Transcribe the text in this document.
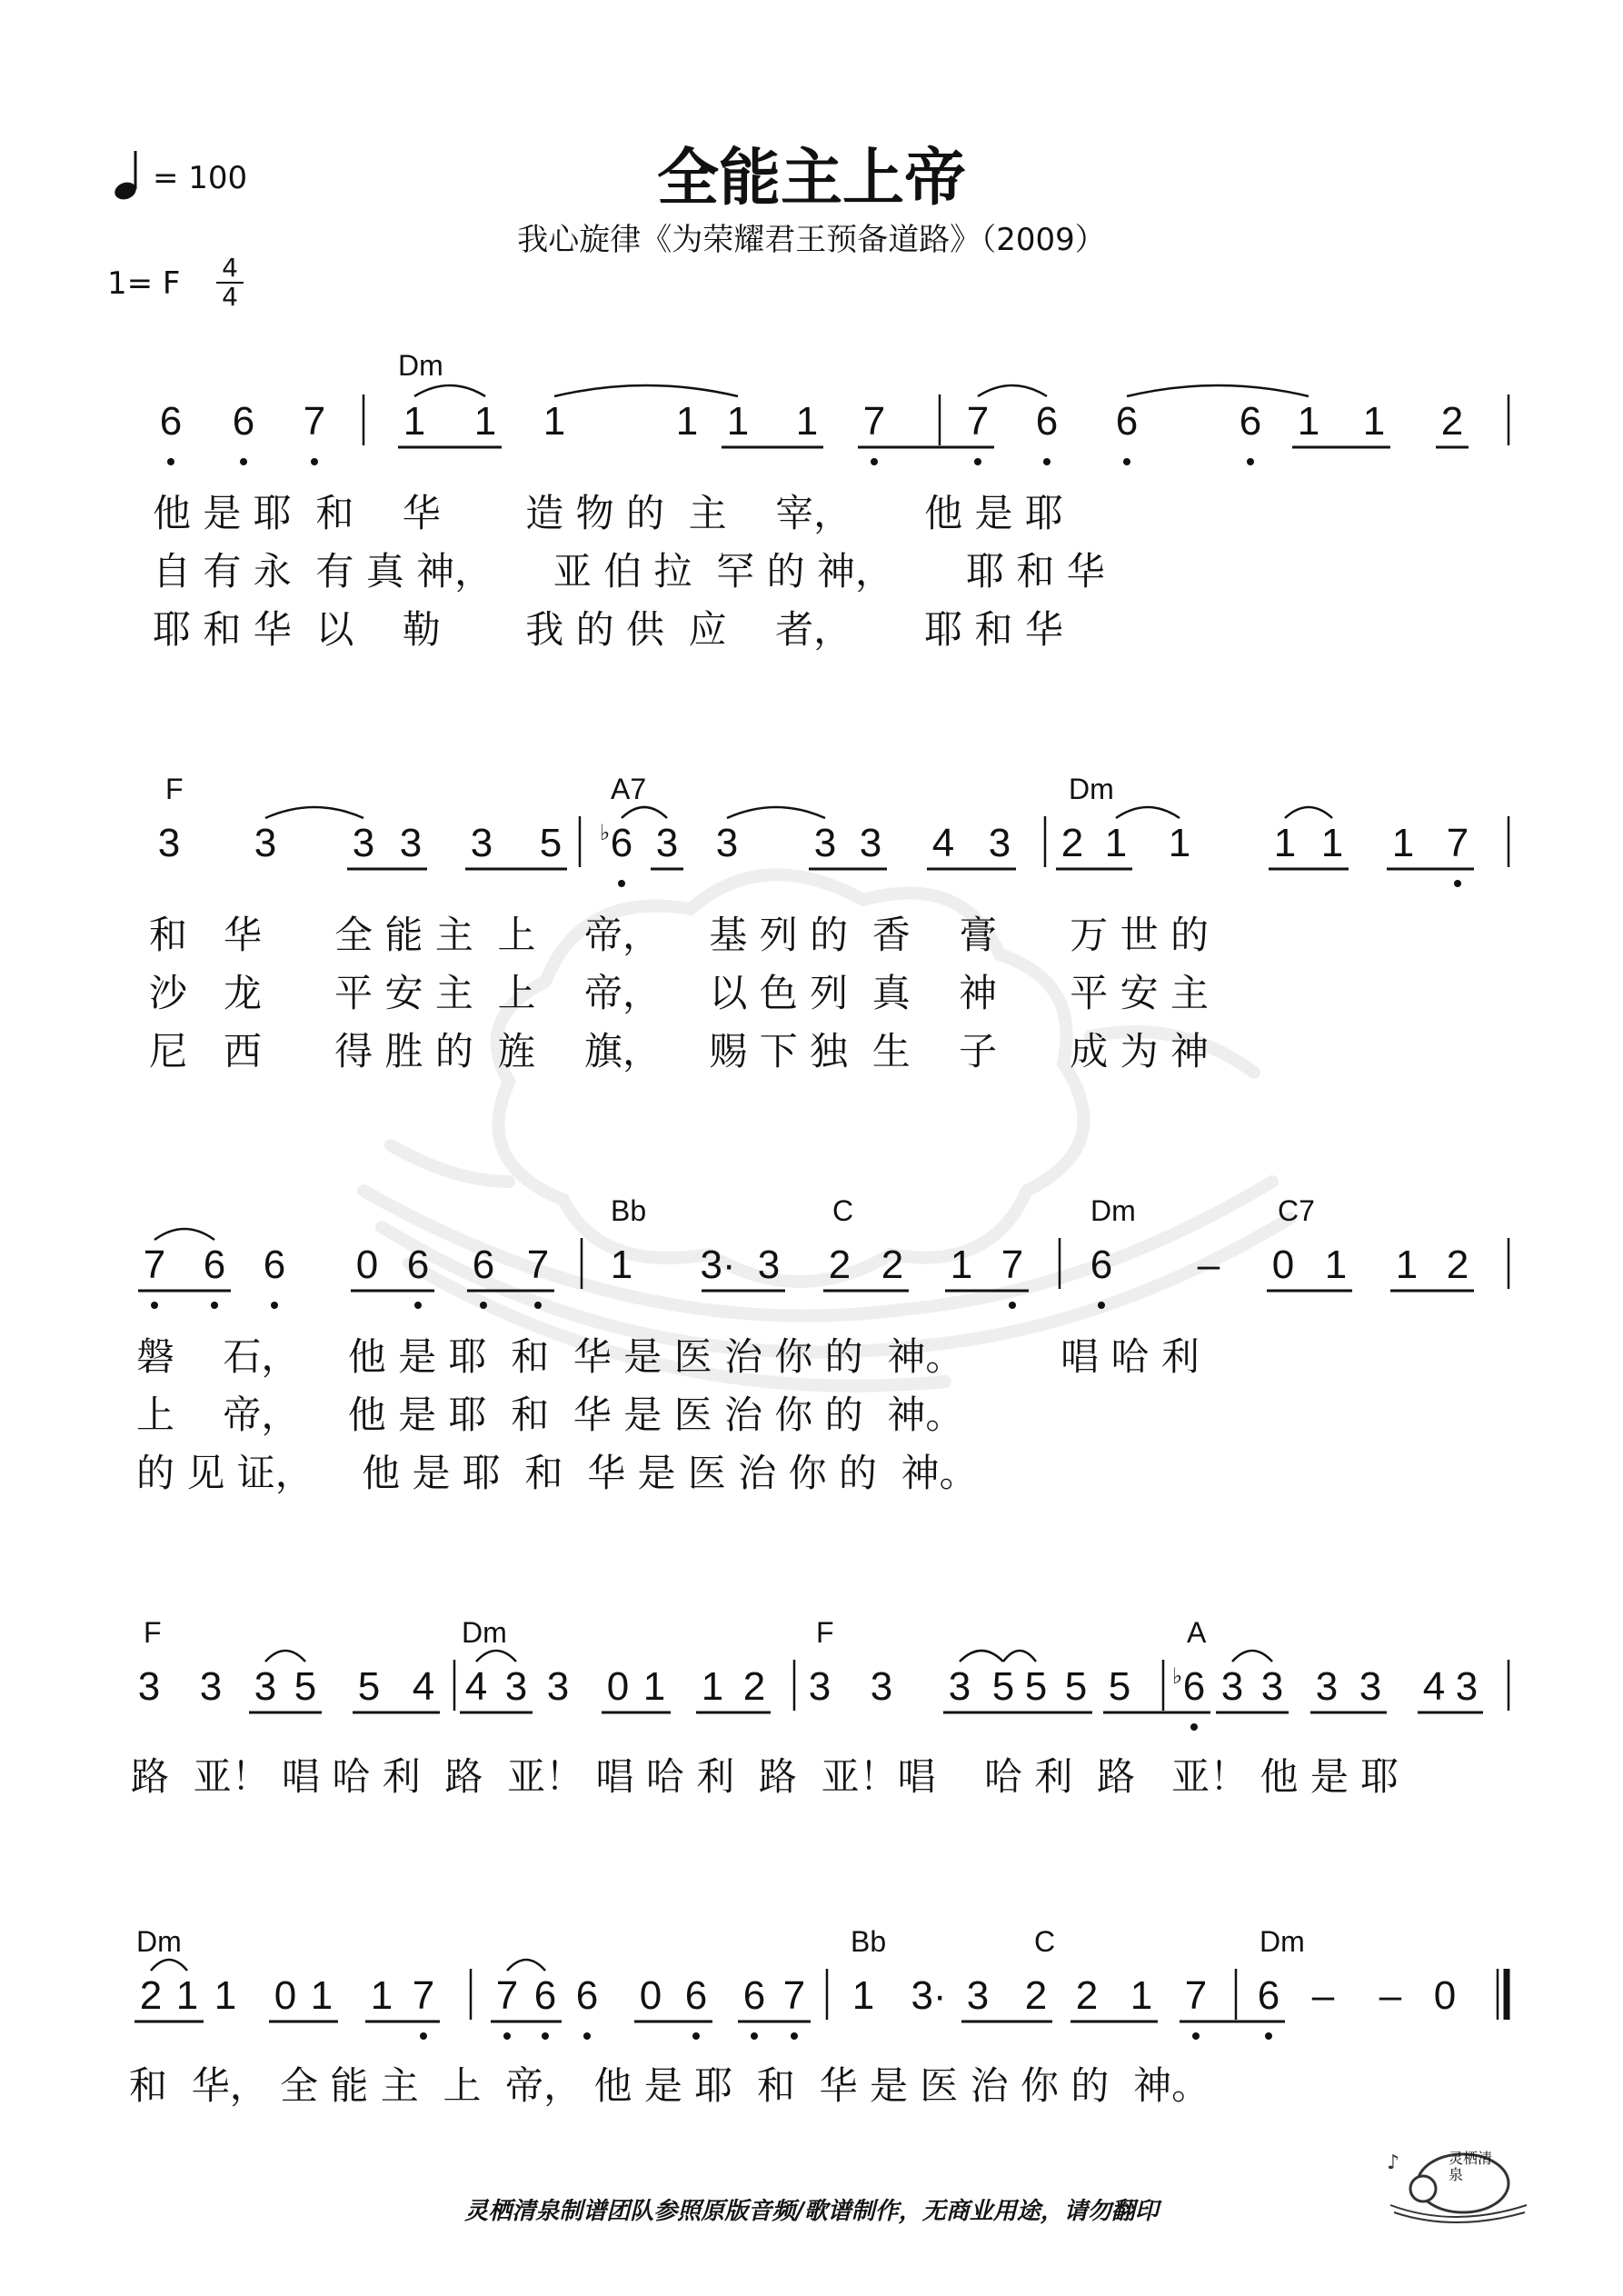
全能主上帝
我心旋律《为荣耀君王预备道路》（2009）
= 100
1= F 4
4
Dm
F	A7	Dm
Bb	C	Dm	C7
F	Dm	F	A
Dm	Bb	C	Dm
他 是 耶  和    华       造 物 的  主    宰，      他 是 耶
自 有 永  有 真 神，     亚 伯 拉  罕 的 神，      耶 和 华
耶 和 华  以    勒       我 的 供  应    者，      耶 和 华
和   华      全 能 主  上    帝，    基 列 的  香    膏      万 世 的
沙   龙      平 安 主  上    帝，    以 色 列  真    神      平 安 主
尼   西      得 胜 的  旌    旗，    赐 下 独  生    子      成 为 神
磐    石，    他 是 耶  和  华 是 医 治 你 的  神。        唱 哈 利
上    帝，    他 是 耶  和  华 是 医 治 你 的  神。
的 见 证，    他 是 耶  和  华 是 医 治 你 的  神。
路  亚！ 唱 哈 利  路  亚！ 唱 哈 利  路  亚！唱    哈 利  路   亚！ 他 是 耶
和  华， 全 能 主  上  帝， 他 是 耶  和  华 是 医 治 你 的  神。
灵栖清泉制谱团队参照原版音频/歌谱制作，无商业用途，请勿翻印
♪	灵栖清泉
6 6 7 1 1 1	1 1 1 7 7 6 6	6 1 1 2
3 3 3 3 3 5 6
♭ 3 3 3 3 4 3 2 1 1 1 1 1 7
7 6 6 0 6 6 7 1 3· 3 2 2 1 7 6 – 0 1 1 2
3 3 3 5 5 4 4 3 3 0 1 1 2 3 3 3 5 5 5 5 6
♭ 3 3 3 3 4 3
2 1 1 0 1 1 7 7 6 6 0 6 6 7 1 3· 3 2 2 1 7 6 – – 0
